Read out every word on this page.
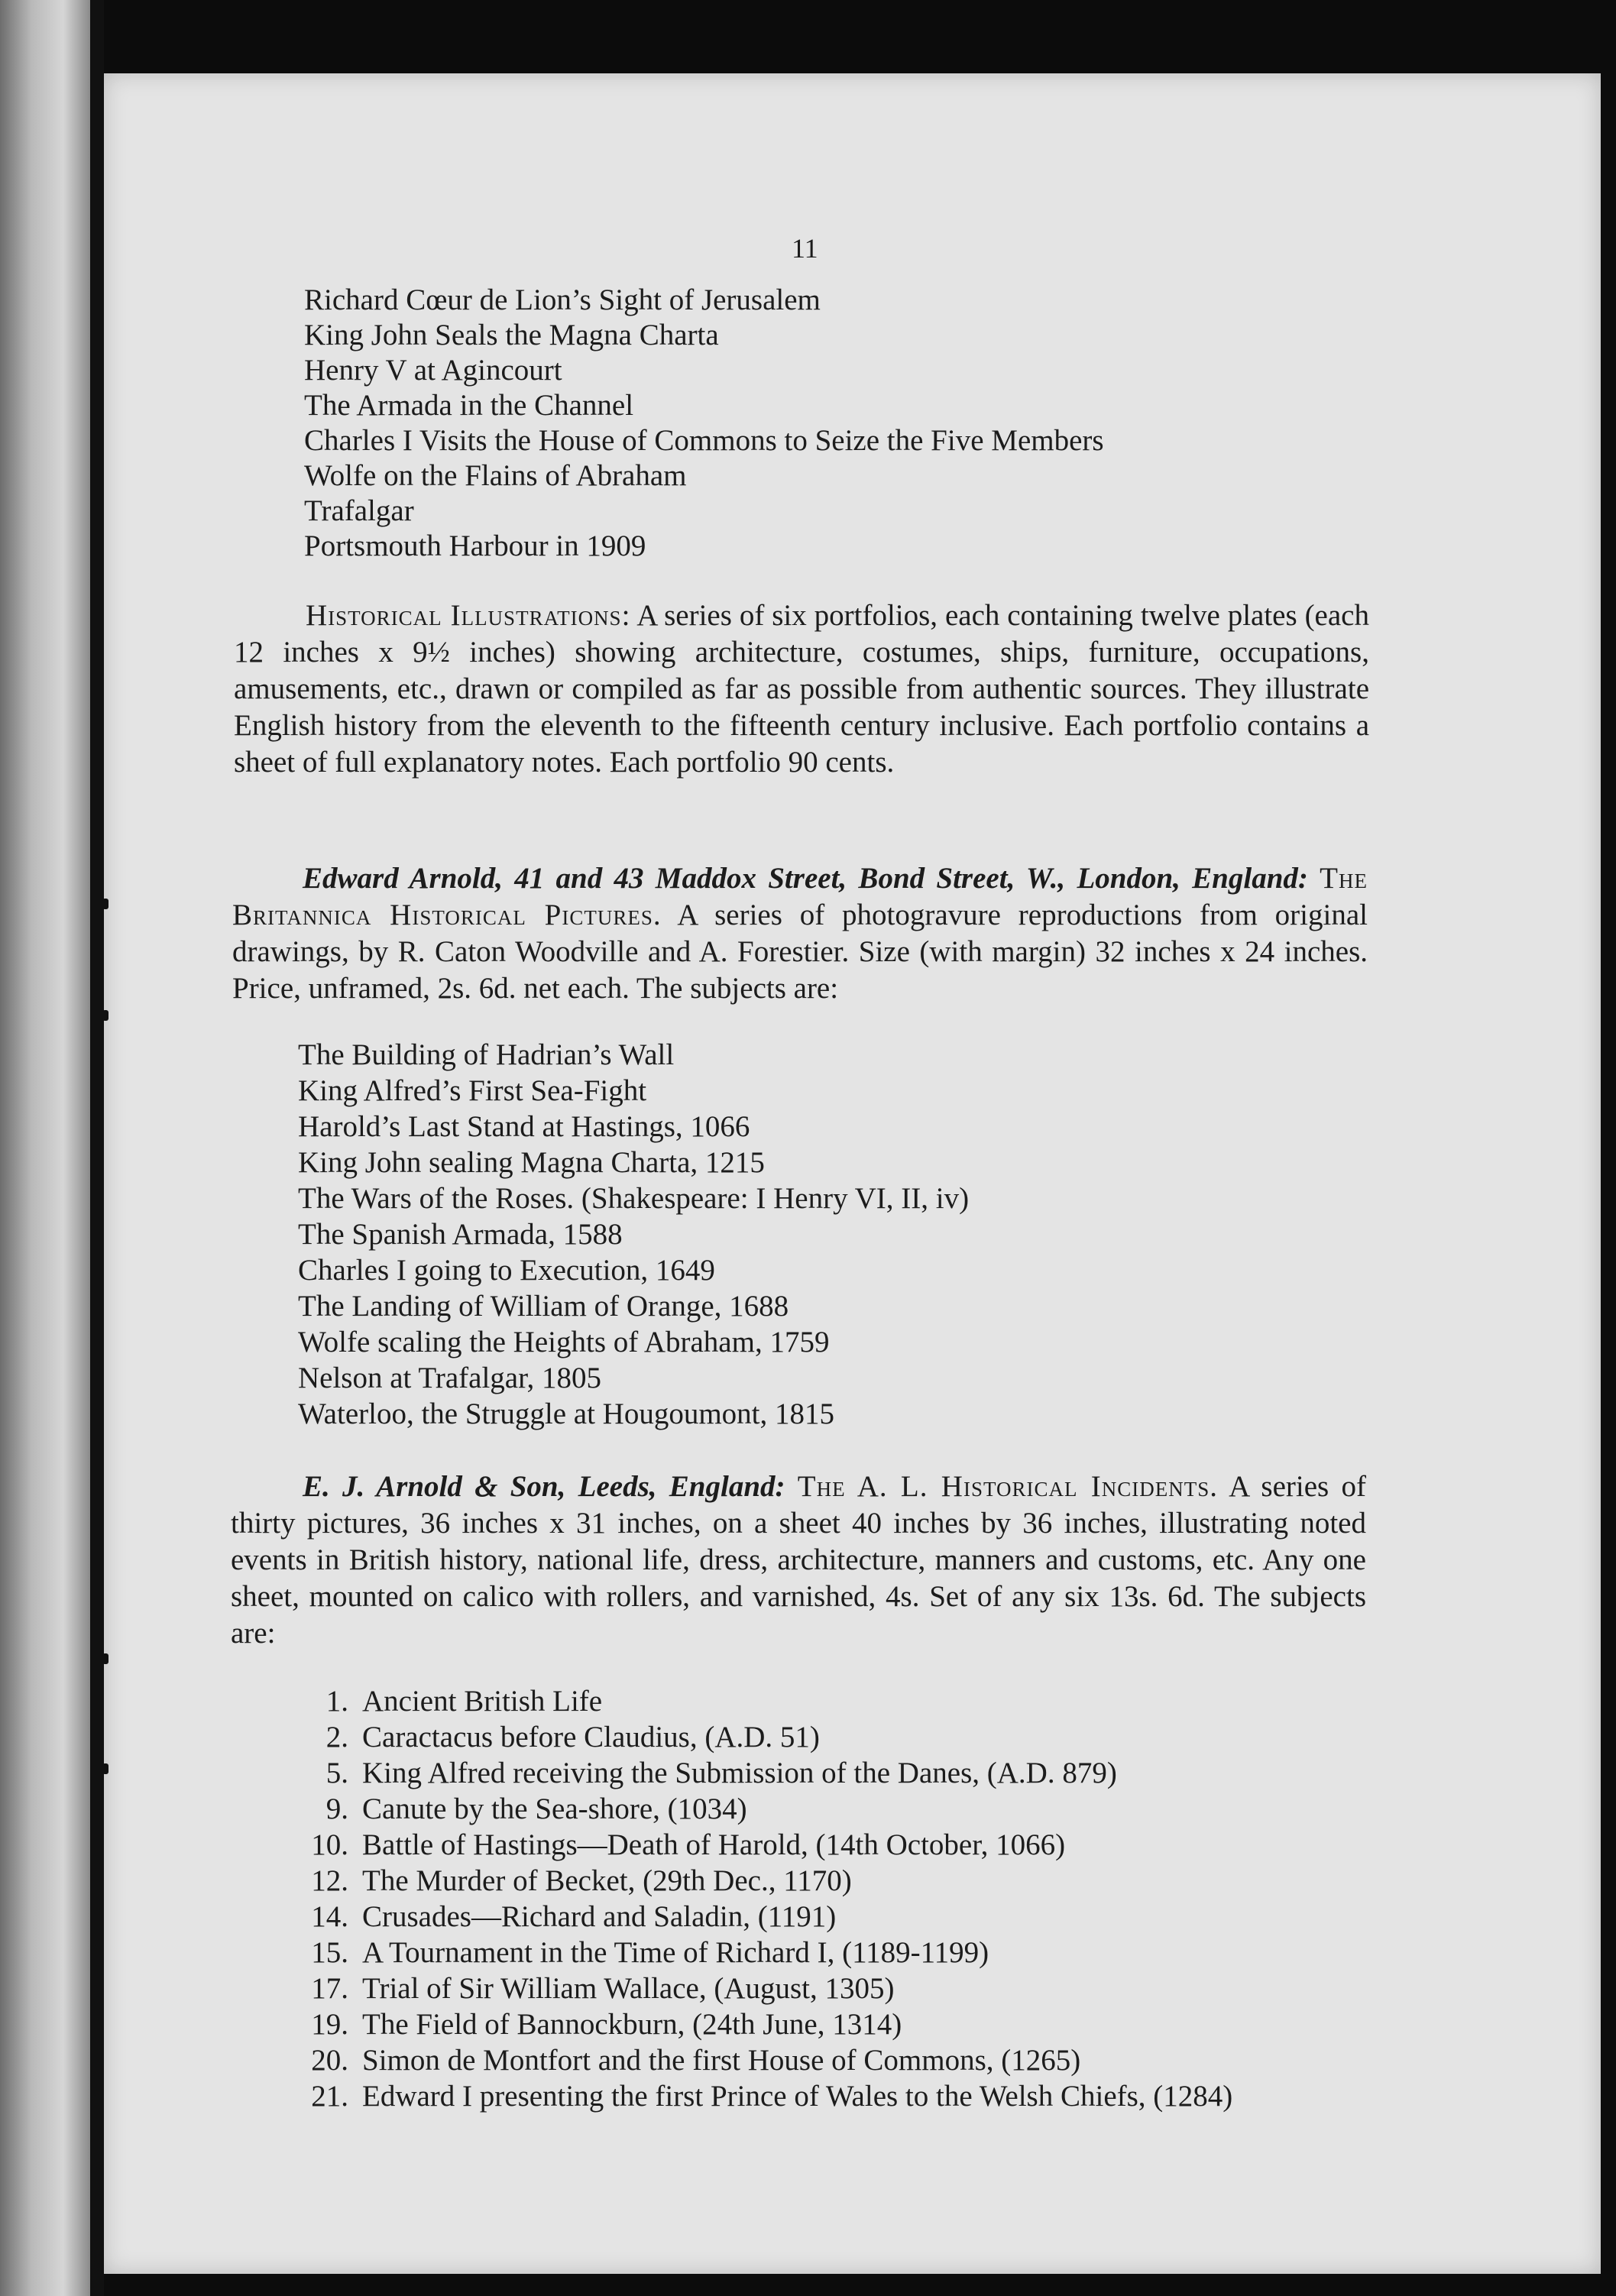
11
Richard Cœur de Lion’s Sight of Jerusalem
King John Seals the Magna Charta
Henry V at Agincourt
The Armada in the Channel
Charles I Visits the House of Commons to Seize the Five Members
Wolfe on the Flains of Abraham
Trafalgar
Portsmouth Harbour in 1909
Historical Illustrations: A series of six portfolios, each containing twelve plates (each 12 inches x 9½ inches) showing architecture, costumes, ships, furniture, occupations, amusements, etc., drawn or compiled as far as possible from authentic sources. They illustrate English history from the eleventh to the fifteenth century inclusive. Each portfolio contains a sheet of full explanatory notes. Each portfolio 90 cents.
Edward Arnold, 41 and 43 Maddox Street, Bond Street, W., London, England: The Britannica Historical Pictures. A series of photogravure reproductions from original drawings, by R. Caton Woodville and A. Forestier. Size (with margin) 32 inches x 24 inches. Price, unframed, 2s. 6d. net each. The subjects are:
The Building of Hadrian’s Wall
King Alfred’s First Sea-Fight
Harold’s Last Stand at Hastings, 1066
King John sealing Magna Charta, 1215
The Wars of the Roses. (Shakespeare: I Henry VI, II, iv)
The Spanish Armada, 1588
Charles I going to Execution, 1649
The Landing of William of Orange, 1688
Wolfe scaling the Heights of Abraham, 1759
Nelson at Trafalgar, 1805
Waterloo, the Struggle at Hougoumont, 1815
E. J. Arnold & Son, Leeds, England: The A. L. Historical Incidents. A series of thirty pictures, 36 inches x 31 inches, on a sheet 40 inches by 36 inches, illustrating noted events in British history, national life, dress, architecture, manners and customs, etc. Any one sheet, mounted on calico with rollers, and varnished, 4s. Set of any six 13s. 6d. The subjects are:
1. Ancient British Life
2. Caractacus before Claudius, (A.D. 51)
5. King Alfred receiving the Submission of the Danes, (A.D. 879)
9. Canute by the Sea-shore, (1034)
10. Battle of Hastings—Death of Harold, (14th October, 1066)
12. The Murder of Becket, (29th Dec., 1170)
14. Crusades—Richard and Saladin, (1191)
15. A Tournament in the Time of Richard I, (1189-1199)
17. Trial of Sir William Wallace, (August, 1305)
19. The Field of Bannockburn, (24th June, 1314)
20. Simon de Montfort and the first House of Commons, (1265)
21. Edward I presenting the first Prince of Wales to the Welsh Chiefs, (1284)
